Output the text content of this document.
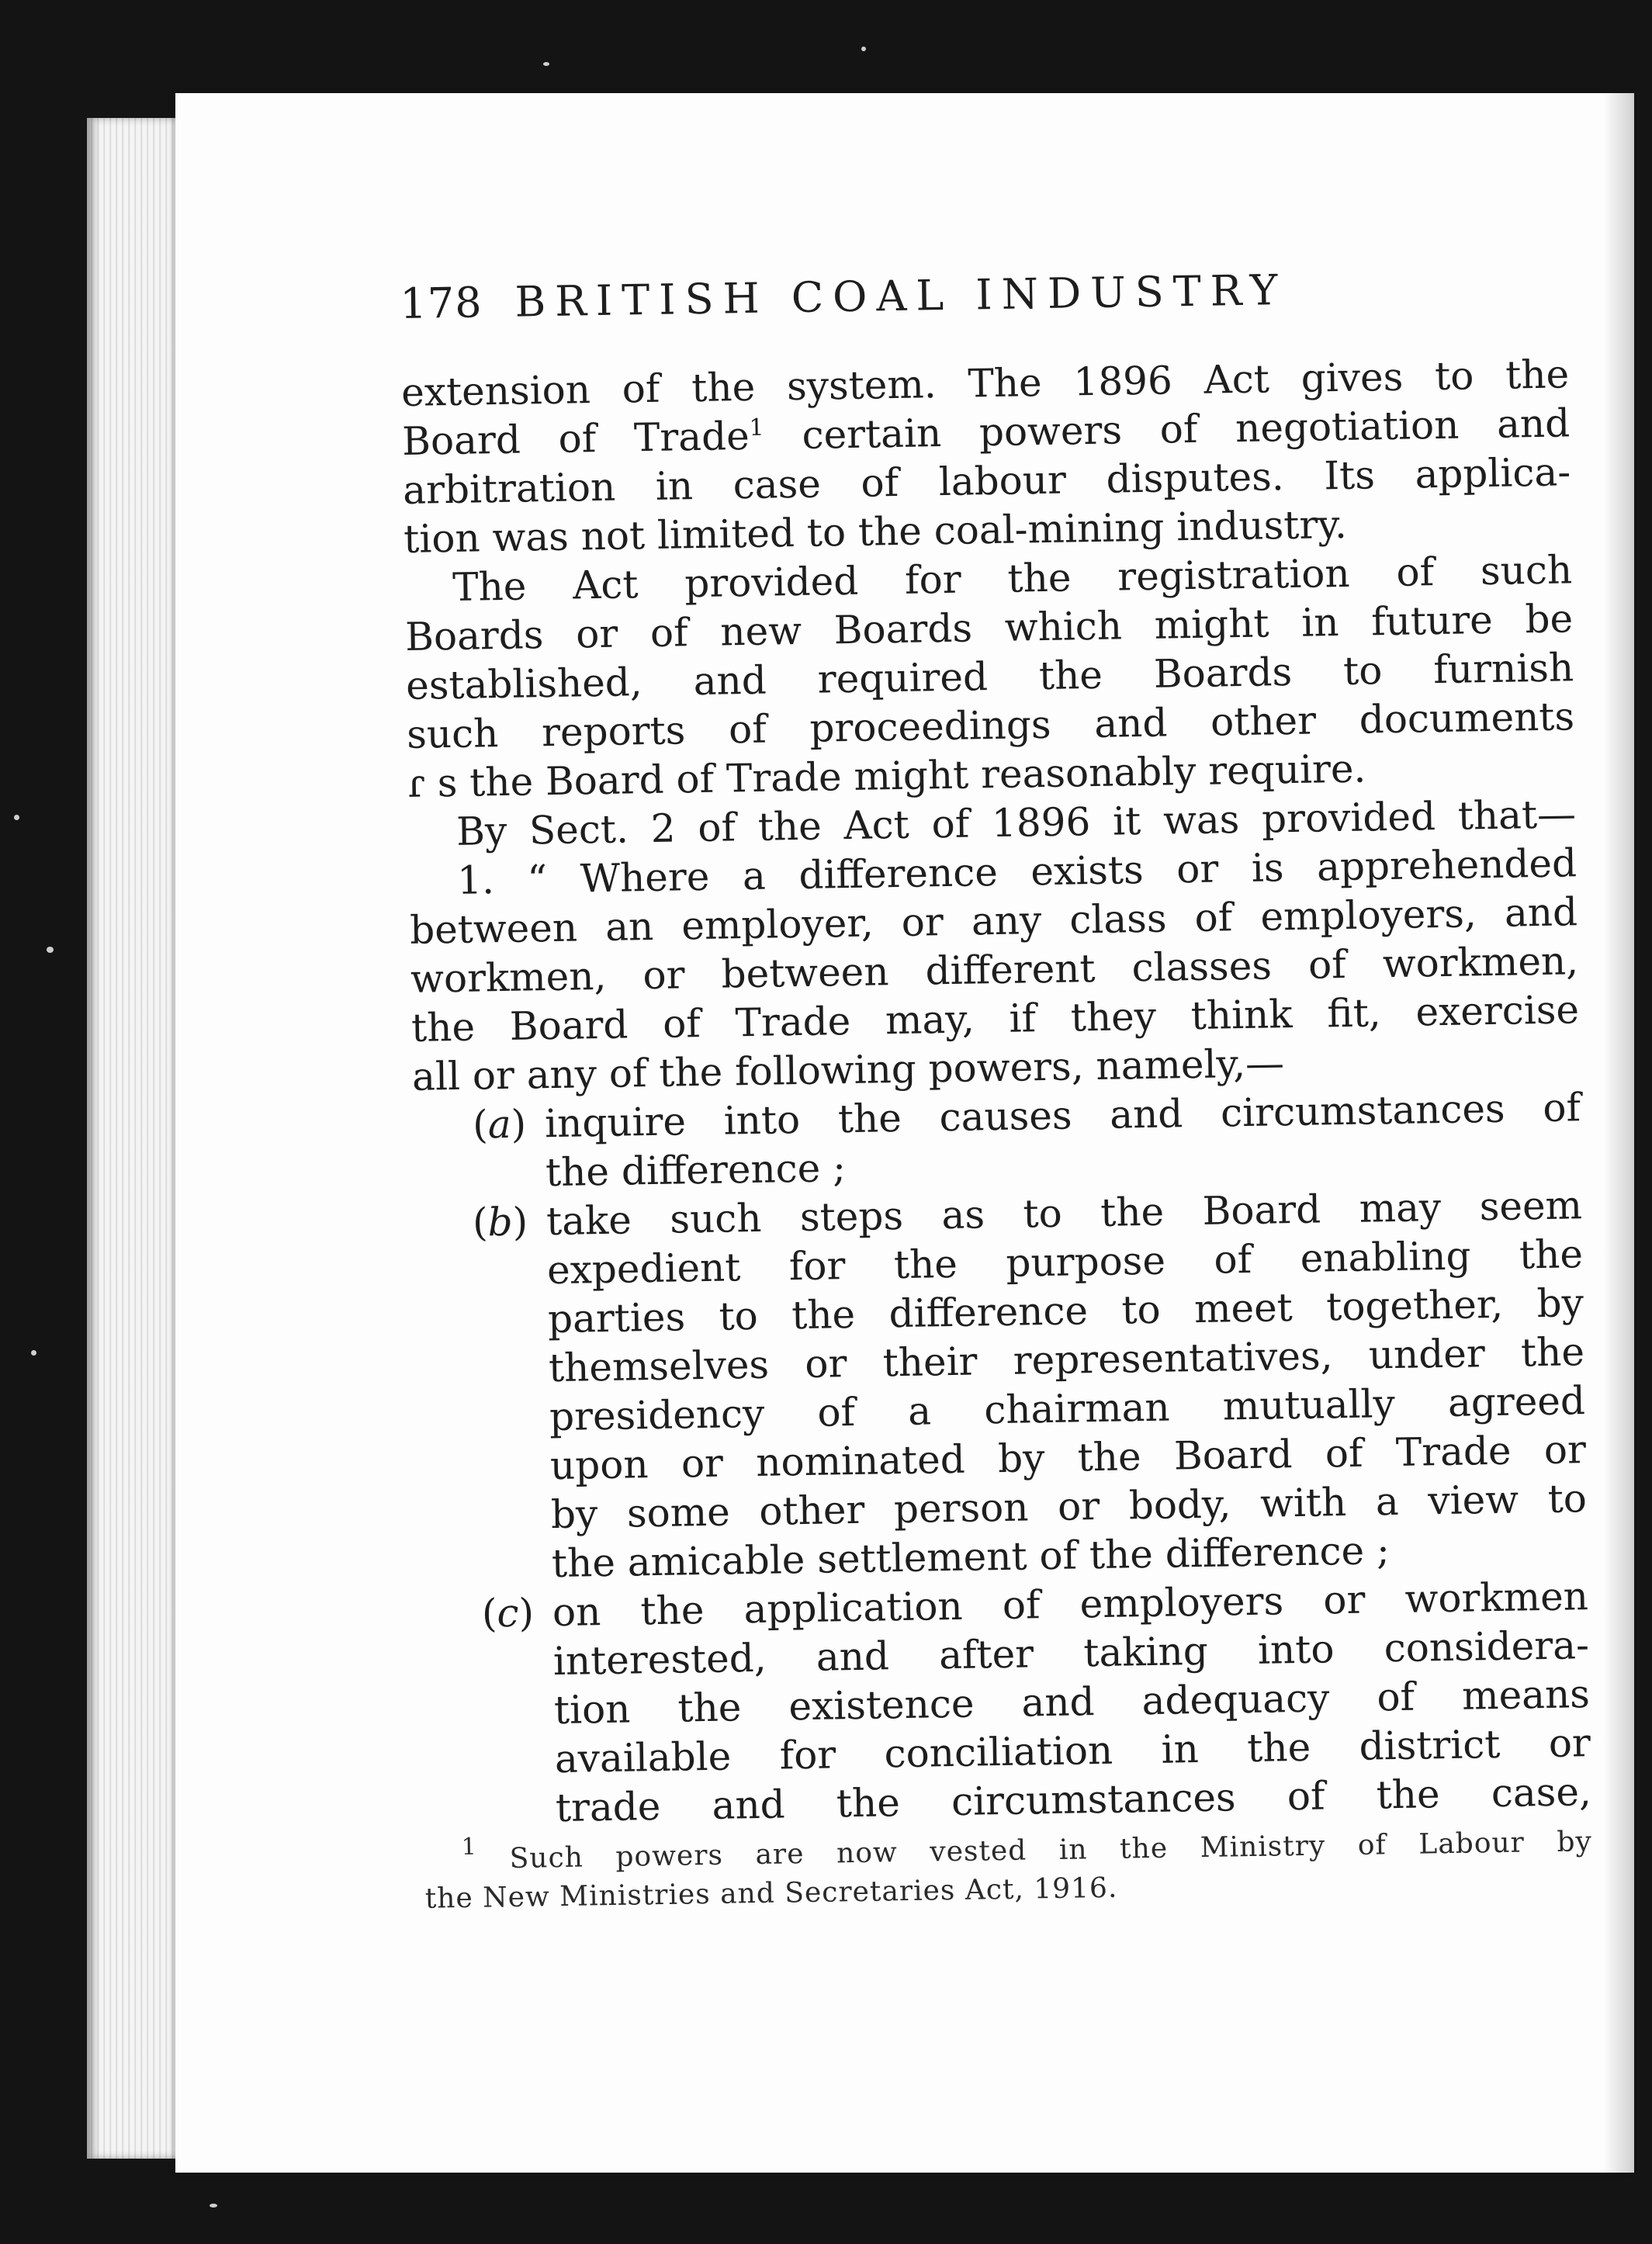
178 BRITISH COAL INDUSTRY
extension of the system. The 1896 Act gives to the
Board of Trade$^1$ certain powers of negotiation and
arbitration in case of labour disputes. Its applica-
tion was not limited to the coal-mining industry.
The Act provided for the registration of such
Boards or of new Boards which might in future be
established, and required the Boards to furnish
such reports of proceedings and other documents
ɾ s the Board of Trade might reasonably require.
By Sect. 2 of the Act of 1896 it was provided that—
1. “ Where a difference exists or is apprehended
between an employer, or any class of employers, and
workmen, or between different classes of workmen,
the Board of Trade may, if they think fit, exercise
all or any of the following powers, namely,—
(a) inquire into the causes and circumstances of
the difference ;
(b) take such steps as to the Board may seem
expedient for the purpose of enabling the
parties to the difference to meet together, by
themselves or their representatives, under the
presidency of a chairman mutually agreed
upon or nominated by the Board of Trade or
by some other person or body, with a view to
the amicable settlement of the difference ;
(c) on the application of employers or workmen
interested, and after taking into considera-
tion the existence and adequacy of means
available for conciliation in the district or
trade and the circumstances of the case,
$^1$ Such powers are now vested in the Ministry of Labour by
the New Ministries and Secretaries Act, 1916.
